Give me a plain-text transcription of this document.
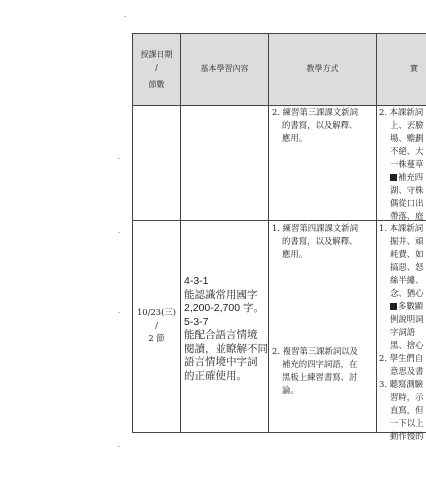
授課日期
/
節數
基本學習內容	教學方式	實
2. 練習第三課課文新詞
的書寫，以及解釋、
應用。
2. 本課新詞
上、丟臉
場、赡劃
不絕、大
一株蔓草
補充四
湖、守株
偶從口出
帶落、庭
10/23(三)
/
2 節
4-3-1
能認識常用國字
2,200-2,700 字。
5-3-7
能配合語言情境
閱讀，並瞭解不同
語言情境中字詞
的正確使用。
1. 練習第四課課文新詞
的書寫，以及解釋、
應用。
2. 複習第三課新詞以及
補充的四字詞語，在
黑板上練習書寫、討
論。
1. 本課新詞
掘井、頑
耗費、如
搞惡、怒
絲半縷、
念、猶心
多數顯
例說明詞
字詞語
黑、捨心
2. 學生們自
意思及書
3. 聽寫測驗
習時，示
直寫，但
一下以上
動作慢的
